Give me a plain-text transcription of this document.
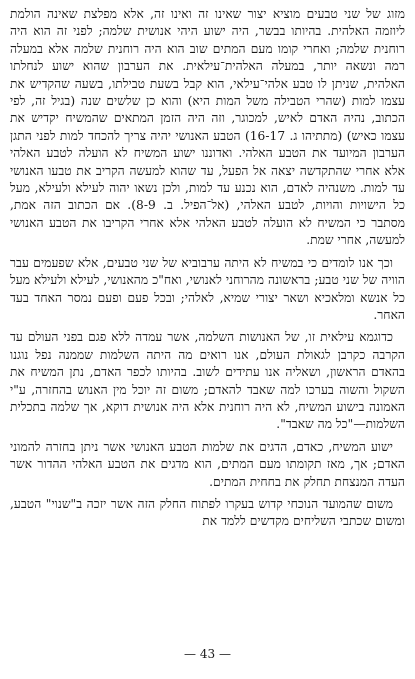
מזוג של שני טבעים מוציא יצור שאינו זה ואינו זה, אלא מפלצת שאינה הולמת ליוזמה האלהית. בהיותו בבשר, היה ישוע היהי אנושית שלמה; לפני זה הוא היה רוחנית שלמה; ואחרי קומו מעם המתים שוב הוא היה רוחנית שלמה אלא במעלה רמה ונשאה יותר, במעלה האלהית־עילאית. את הערבון שהוא ישוע לנחלתו האלהית, שניתן לו טבע אלהי־עילאי, הוא קבל בשעת טבילתו, בשעה שהקדיש את עצמו למות (שהרי הטבילה משל המות היא) והוא כן שלשים שנה (בגיל זה, לפי הכתוב, נהיה האדם לאיש, למכוגר, וזה היה הזמן המתאים שהמשיח יקדיש את עצמו כאיש) (מתתיהו ג. 16-17) הטבע האנושי יהיה צריך להכחד למות לפני התגן הערבון המיועד את הטבע האלהי. ואדוננו ישוע המשיח לא הועלה לטבע האלהי אלא אחרי שהתקדשה יצאה אל הפעל, עד שהוא למעשה הקריב את טבעו האנושי עד למות. משנהיה לאדם, הוא נכנע עד למות, ולכן נשאו יהוה לעילא ולעילא, מעל כל הישויות והויות, לטבע האלהי, (אל־הפיל. ב. 8-9). אם הכתוב הזה אמת, מסתבר כי המשיח לא הועלה לטבע האלהי אלא אחרי הקריבו את הטבע האנושי למעשה, אחרי שמת.

וכך אנו לומדים כי במשיח לא היתה ערבוביא של שני טבעים, אלא שפעמים עבר הוויה של שני טבע; בראשונה מהרוחני לאנושי, ואח"כ מהאנושי, לעילא ולעילא מעל כל אנשא ומלאכיא ושאר יצורי שמיא, לאלהי; ובכל פעם ופעם נמסר האחד בעד האחר.

כדוגמא עילאית זו, של האנושות השלמה, אשר עמדה ללא פגם בפני העולם עד הקרבה כקרבן לגאולת העולם, אנו רואים מה היתה השלמות שממנה נפל נוגנו בהאדם הראשון, ושאליה אנו עתידים לשוב. בהיותו לכפר האדם, נתן המשיח את השקול והשוה בערכו למה שאבד להאדם; משום זה יוכל מין האנוש בהחזרה, ע"י האמונה בישוע המשיח, לא היה רוחנית אלא היה אנושית דוקא, אך שלמה בתכלית השלמות—"כל מה שאבד".

ישוע המשיח, כאדם, הדגים את שלמות הטבע האנושי אשר ניתן בחזרה להמוני האדם; אך, מאז תקומתו מעם המתים, הוא מדגים את הטבע האלהי ההדור אשר העדה המנצחת תחלק את בחחית המתים.

משום שהמועד הנוכחי קדוש בעקרו לפתוח החלק הזה אשר יזכה ב"שנוי" הטבע, ומשום שכתבי השליחים מקדשים ללמד את

— 43 —
